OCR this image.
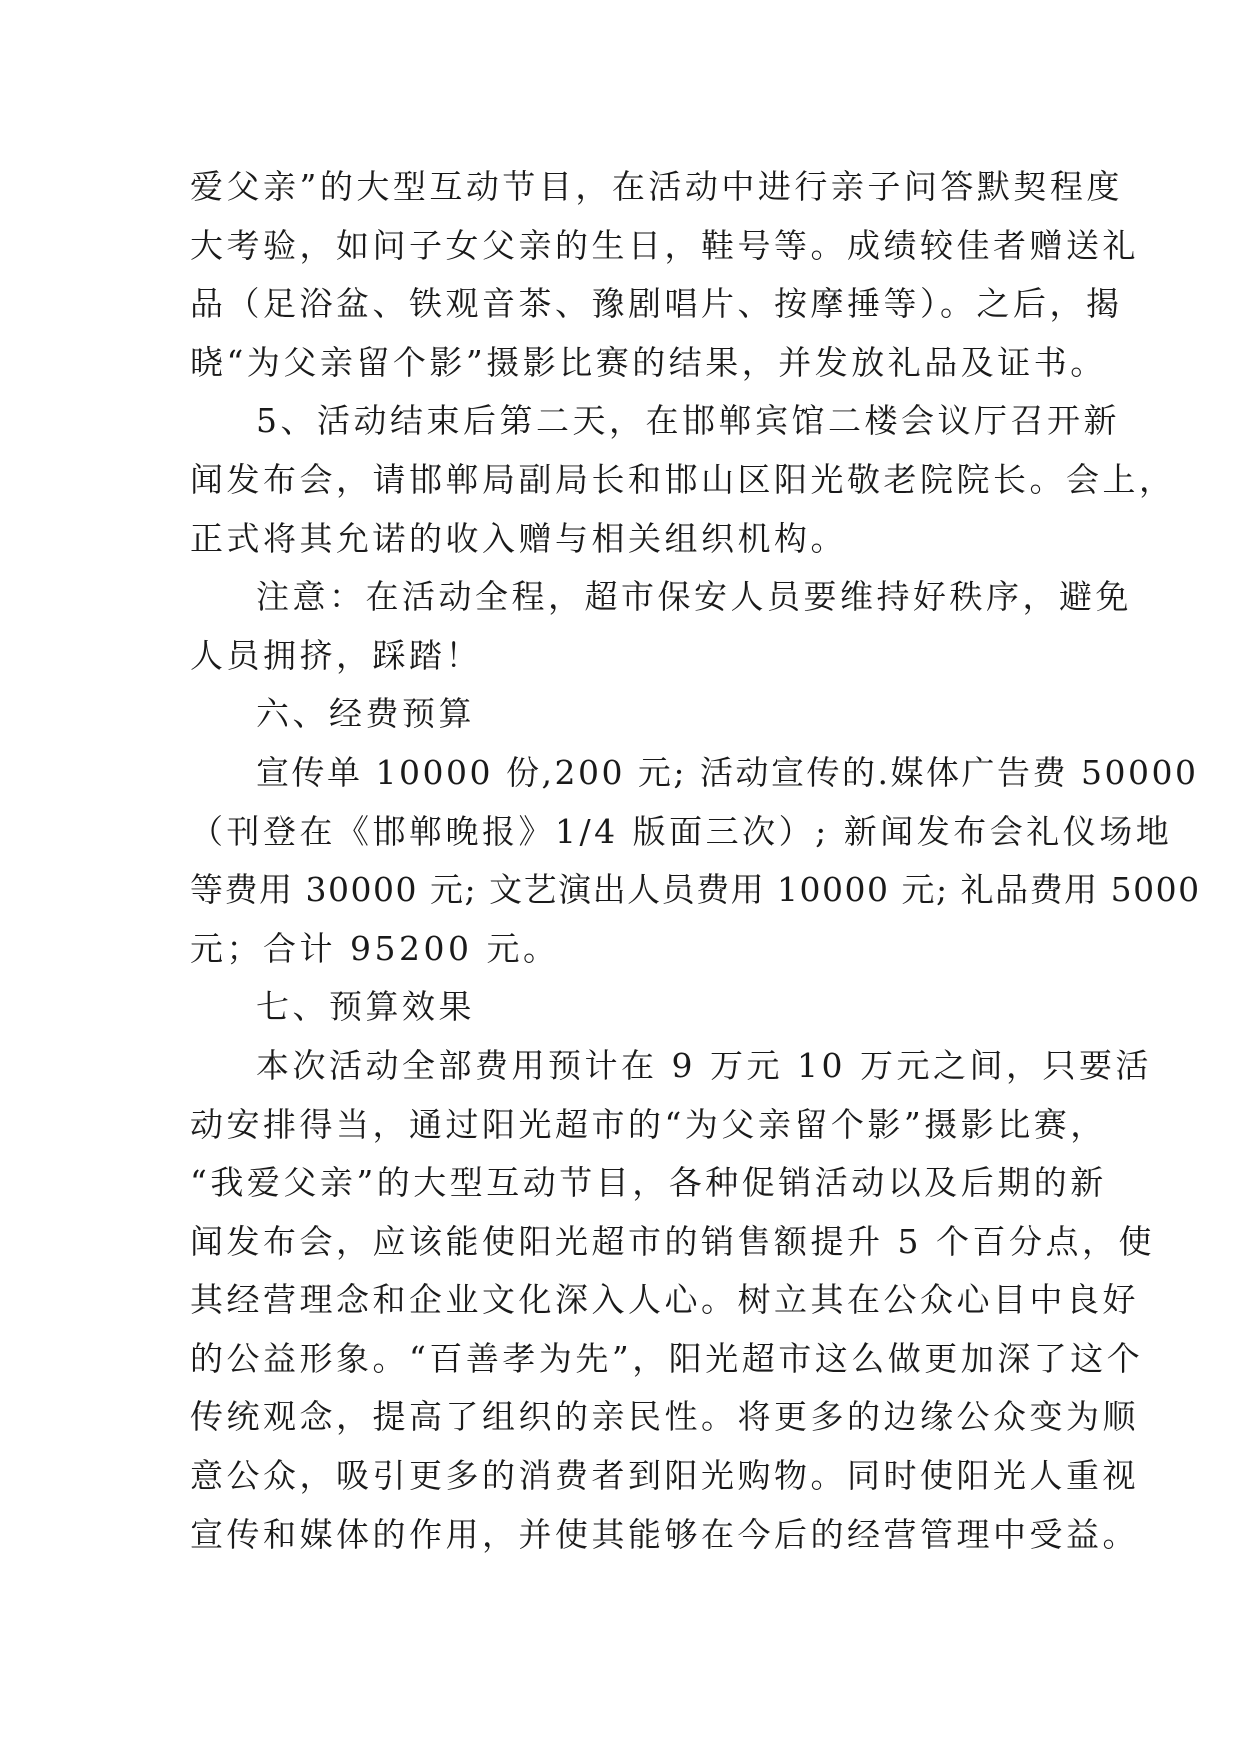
爱父亲”的大型互动节目，在活动中进行亲子问答默契程度
大考验，如问子女父亲的生日，鞋号等。成绩较佳者赠送礼
品（足浴盆、铁观音茶、豫剧唱片、按摩捶等）。之后，揭
晓“为父亲留个影”摄影比赛的结果，并发放礼品及证书。
5、活动结束后第二天，在邯郸宾馆二楼会议厅召开新
闻发布会，请邯郸局副局长和邯山区阳光敬老院院长。会上，
正式将其允诺的收入赠与相关组织机构。
注意：在活动全程，超市保安人员要维持好秩序，避免
人员拥挤，踩踏！
六、经费预算
宣传单 10000 份,200 元; 活动宣传的.媒体广告费 50000
（刊登在《邯郸晚报》1/4 版面三次）; 新闻发布会礼仪场地
等费用 30000 元; 文艺演出人员费用 10000 元; 礼品费用 5000
元；合计 95200 元。
七、预算效果
本次活动全部费用预计在 9 万元 10 万元之间，只要活
动安排得当，通过阳光超市的“为父亲留个影”摄影比赛，
“我爱父亲”的大型互动节目，各种促销活动以及后期的新
闻发布会，应该能使阳光超市的销售额提升 5 个百分点，使
其经营理念和企业文化深入人心。树立其在公众心目中良好
的公益形象。“百善孝为先”，阳光超市这么做更加深了这个
传统观念，提高了组织的亲民性。将更多的边缘公众变为顺
意公众，吸引更多的消费者到阳光购物。同时使阳光人重视
宣传和媒体的作用，并使其能够在今后的经营管理中受益。
